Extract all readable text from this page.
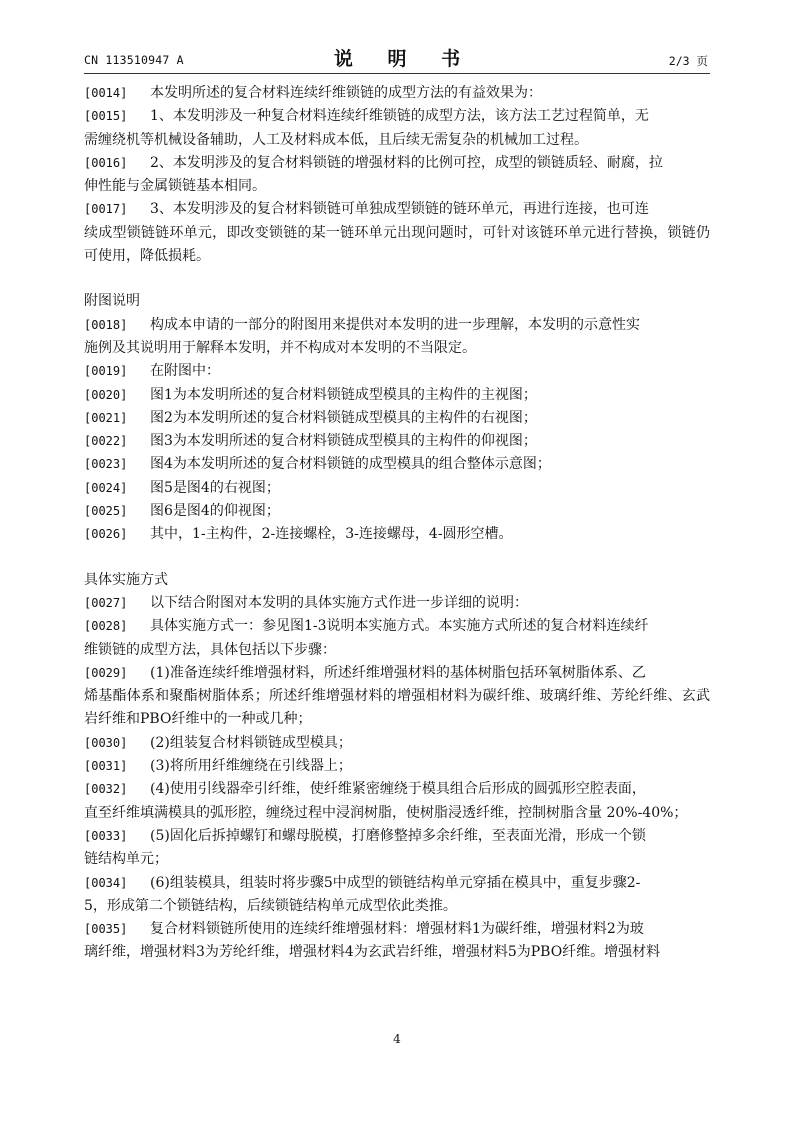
CN 113510947 A	说 明 书	2/3 页
[0014]	本发明所述的复合材料连续纤维锁链的成型方法的有益效果为：
[0015]	1、本发明涉及一种复合材料连续纤维锁链的成型方法，该方法工艺过程简单，无
需缠绕机等机械设备辅助，人工及材料成本低，且后续无需复杂的机械加工过程。
[0016]	2、本发明涉及的复合材料锁链的增强材料的比例可控，成型的锁链质轻、耐腐，拉
伸性能与金属锁链基本相同。
[0017]	3、本发明涉及的复合材料锁链可单独成型锁链的链环单元，再进行连接，也可连
续成型锁链链环单元，即改变锁链的某一链环单元出现问题时，可针对该链环单元进行替换，锁链仍可使用，降低损耗。
附图说明
[0018]	构成本申请的一部分的附图用来提供对本发明的进一步理解，本发明的示意性实
施例及其说明用于解释本发明，并不构成对本发明的不当限定。
[0019]	在附图中：
[0020]	图1为本发明所述的复合材料锁链成型模具的主构件的主视图；
[0021]	图2为本发明所述的复合材料锁链成型模具的主构件的右视图；
[0022]	图3为本发明所述的复合材料锁链成型模具的主构件的仰视图；
[0023]	图4为本发明所述的复合材料锁链的成型模具的组合整体示意图；
[0024]	图5是图4的右视图；
[0025]	图6是图4的仰视图；
[0026]	其中，1-主构件，2-连接螺栓，3-连接螺母，4-圆形空槽。
具体实施方式
[0027]	以下结合附图对本发明的具体实施方式作进一步详细的说明：
[0028]	具体实施方式一：参见图1-3说明本实施方式。本实施方式所述的复合材料连续纤
维锁链的成型方法，具体包括以下步骤：
[0029]	(1)准备连续纤维增强材料，所述纤维增强材料的基体树脂包括环氧树脂体系、乙
烯基酯体系和聚酯树脂体系；所述纤维增强材料的增强相材料为碳纤维、玻璃纤维、芳纶纤维、玄武岩纤维和PBO纤维中的一种或几种；
[0030]	(2)组装复合材料锁链成型模具；
[0031]	(3)将所用纤维缠绕在引线器上；
[0032]	(4)使用引线器牵引纤维，使纤维紧密缠绕于模具组合后形成的圆弧形空腔表面，
直至纤维填满模具的弧形腔，缠绕过程中浸润树脂，使树脂浸透纤维，控制树脂含量 20%-40%；
[0033]	(5)固化后拆掉螺钉和螺母脱模，打磨修整掉多余纤维，至表面光滑，形成一个锁
链结构单元；
[0034]	(6)组装模具，组装时将步骤5中成型的锁链结构单元穿插在模具中，重复步骤2-
5，形成第二个锁链结构，后续锁链结构单元成型依此类推。
[0035]	复合材料锁链所使用的连续纤维增强材料：增强材料1为碳纤维，增强材料2为玻
璃纤维，增强材料3为芳纶纤维，增强材料4为玄武岩纤维，增强材料5为PBO纤维。增强材料
4
